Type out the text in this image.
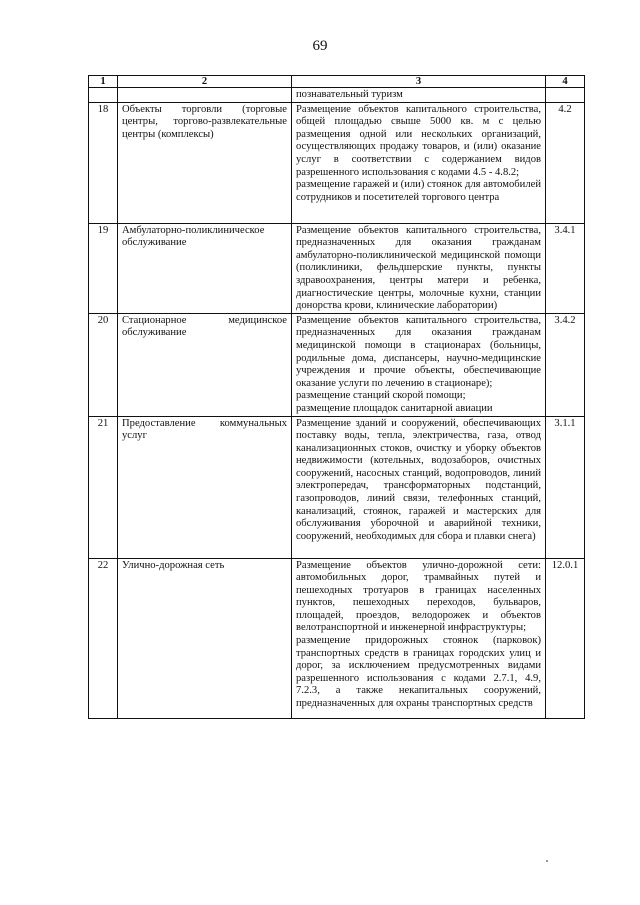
69
1	2	3	4
		познавательный туризм	
18	Объекты торговли (торговые центры, торгово-развлекательные центры (комплексы)	Размещение объектов капитального строительства, общей площадью свыше 5000 кв. м с целью размещения одной или нескольких организаций, осуществляющих продажу товаров, и (или) оказание услуг в соответствии с содержанием видов разрешенного использования с кодами 4.5 - 4.8.2;
размещение гаражей и (или) стоянок для автомобилей сотрудников и посетителей торгового центра	4.2
19	Амбулаторно-поликлиническое обслуживание	Размещение объектов капитального строительства, предназначенных для оказания гражданам амбулаторно-поликлинической медицинской помощи (поликлиники, фельдшерские пункты, пункты здравоохранения, центры матери и ребенка, диагностические центры, молочные кухни, станции донорства крови, клинические лаборатории)	3.4.1
20	Стационарное медицинское обслуживание	Размещение объектов капитального строительства, предназначенных для оказания гражданам медицинской помощи в стационарах (больницы, родильные дома, диспансеры, научно-медицинские учреждения и прочие объекты, обеспечивающие оказание услуги по лечению в стационаре);
размещение станций скорой помощи;
размещение площадок санитарной авиации	3.4.2
21	Предоставление коммунальных услуг	Размещение зданий и сооружений, обеспечивающих поставку воды, тепла, электричества, газа, отвод канализационных стоков, очистку и уборку объектов недвижимости (котельных, водозаборов, очистных сооружений, насосных станций, водопроводов, линий электропередач, трансформаторных подстанций, газопроводов, линий связи, телефонных станций, канализаций, стоянок, гаражей и мастерских для обслуживания уборочной и аварийной техники, сооружений, необходимых для сбора и плавки снега)	3.1.1
22	Улично-дорожная сеть	Размещение объектов улично-дорожной сети: автомобильных дорог, трамвайных путей и пешеходных тротуаров в границах населенных пунктов, пешеходных переходов, бульваров, площадей, проездов, велодорожек и объектов велотранспортной и инженерной инфраструктуры;
размещение придорожных стоянок (парковок) транспортных средств в границах городских улиц и дорог, за исключением предусмотренных видами разрешенного использования с кодами 2.7.1, 4.9, 7.2.3, а также некапитальных сооружений, предназначенных для охраны транспортных средств	12.0.1
